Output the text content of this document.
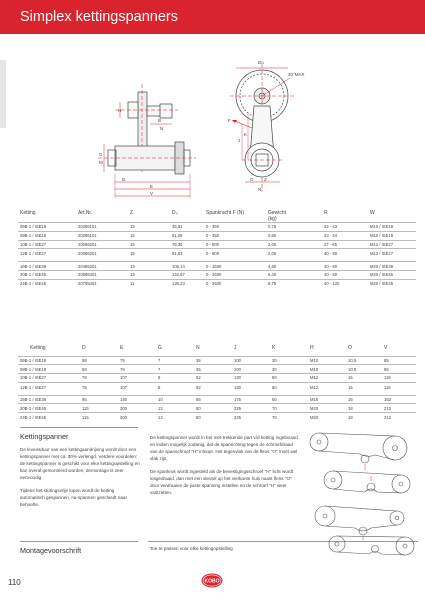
Simplex kettingspanners
Do
30°MAX
H
N
B	F
J
K
G
M
D
E
V
O Z
N
Ketting	Art.Nr.	Z	D₀	Spankracht F (N)	Gewicht	R	W
					(kg)		
06B-1 / ISE18	20286101	15	45,81	0 - 350	0,75	22 - 43	M10 / ISE18
08B-1 / ISE18	20286101	15	61,08	0 - 350	0,80	23 - 44	M10 / ISE18
10B-1 / ISE27	20086201	15	76,36	0 - 800	2,05	27 - 65	M12 / ISE27
12B-1 / ISE27	20086201	15	91,63	0 - 800	2,05	40 - 80	M12 / ISE27

16B-1 / ISE38	20485301	13	106,14	0 - 1600	4,80	40 - 80	M20 / ISE38
20B-1 / ISE45	20686401	13	132,67	0 - 2600	6,40	40 - 80	M20 / ISE45
24B-1 / ISE45	20795401	11	136,23	0 - 2600	8,75	40 - 120	M20 / ISE45
Ketting	D	E	G	N	J	K	H	O	V

06B-1 / ISE18	58	79	7	35	100	30	M10	10,5	85
08B-1 / ISE18	58	79	7	35	100	30	M10	10,5	85
10B-1 / ISE27	78	107	8	52	130	50	M12	15	116
12B-1 / ISE27	78	107	8	52	130	50	M12	15	116

16B-1 / ISE38	95	140	10	66	175	60	M16	15	163
20B-1 / ISE45	115	200	12	80	225	70	M20	18	213
24B-1 / ISE45	115	200	12	80	225	70	M20	18	213
Kettingspanner

De levensduur van een kettingaandrijving wordt door een kettingspanner met ca. 30% verlengd. Verdere voordelen: de kettingspanner is geschikt voor elke kettingopstelling en kan overal gemonteerd worden; demontage is zeer eenvoudig.

Tijdens het storingsvrije lopen wordt de ketting automatisch gespannen, na-spannen geschiedt naar behoefte.

De kettingspanner wordt in het met-trekkende part v/d ketting ingebouwd en indien mogelijk zodanig, dat de spanrichting tegen de schroefdraad van de spanschroef "H" inloopt. Het tegenvlak van de flens "O" moet wel vlak zijn.

De spankruk wordt ingesteld als de bevestigingsschroef "H" licht wordt losgedraaid, dan met een sleutel op het vierkante huis naast flens "O" door verdraaien de juiste spanning instellen en de schroef "H" weer vastzetten.

Montagevoorschrift	Toe te passen voor elke kettingopstelling
110	KOBO
